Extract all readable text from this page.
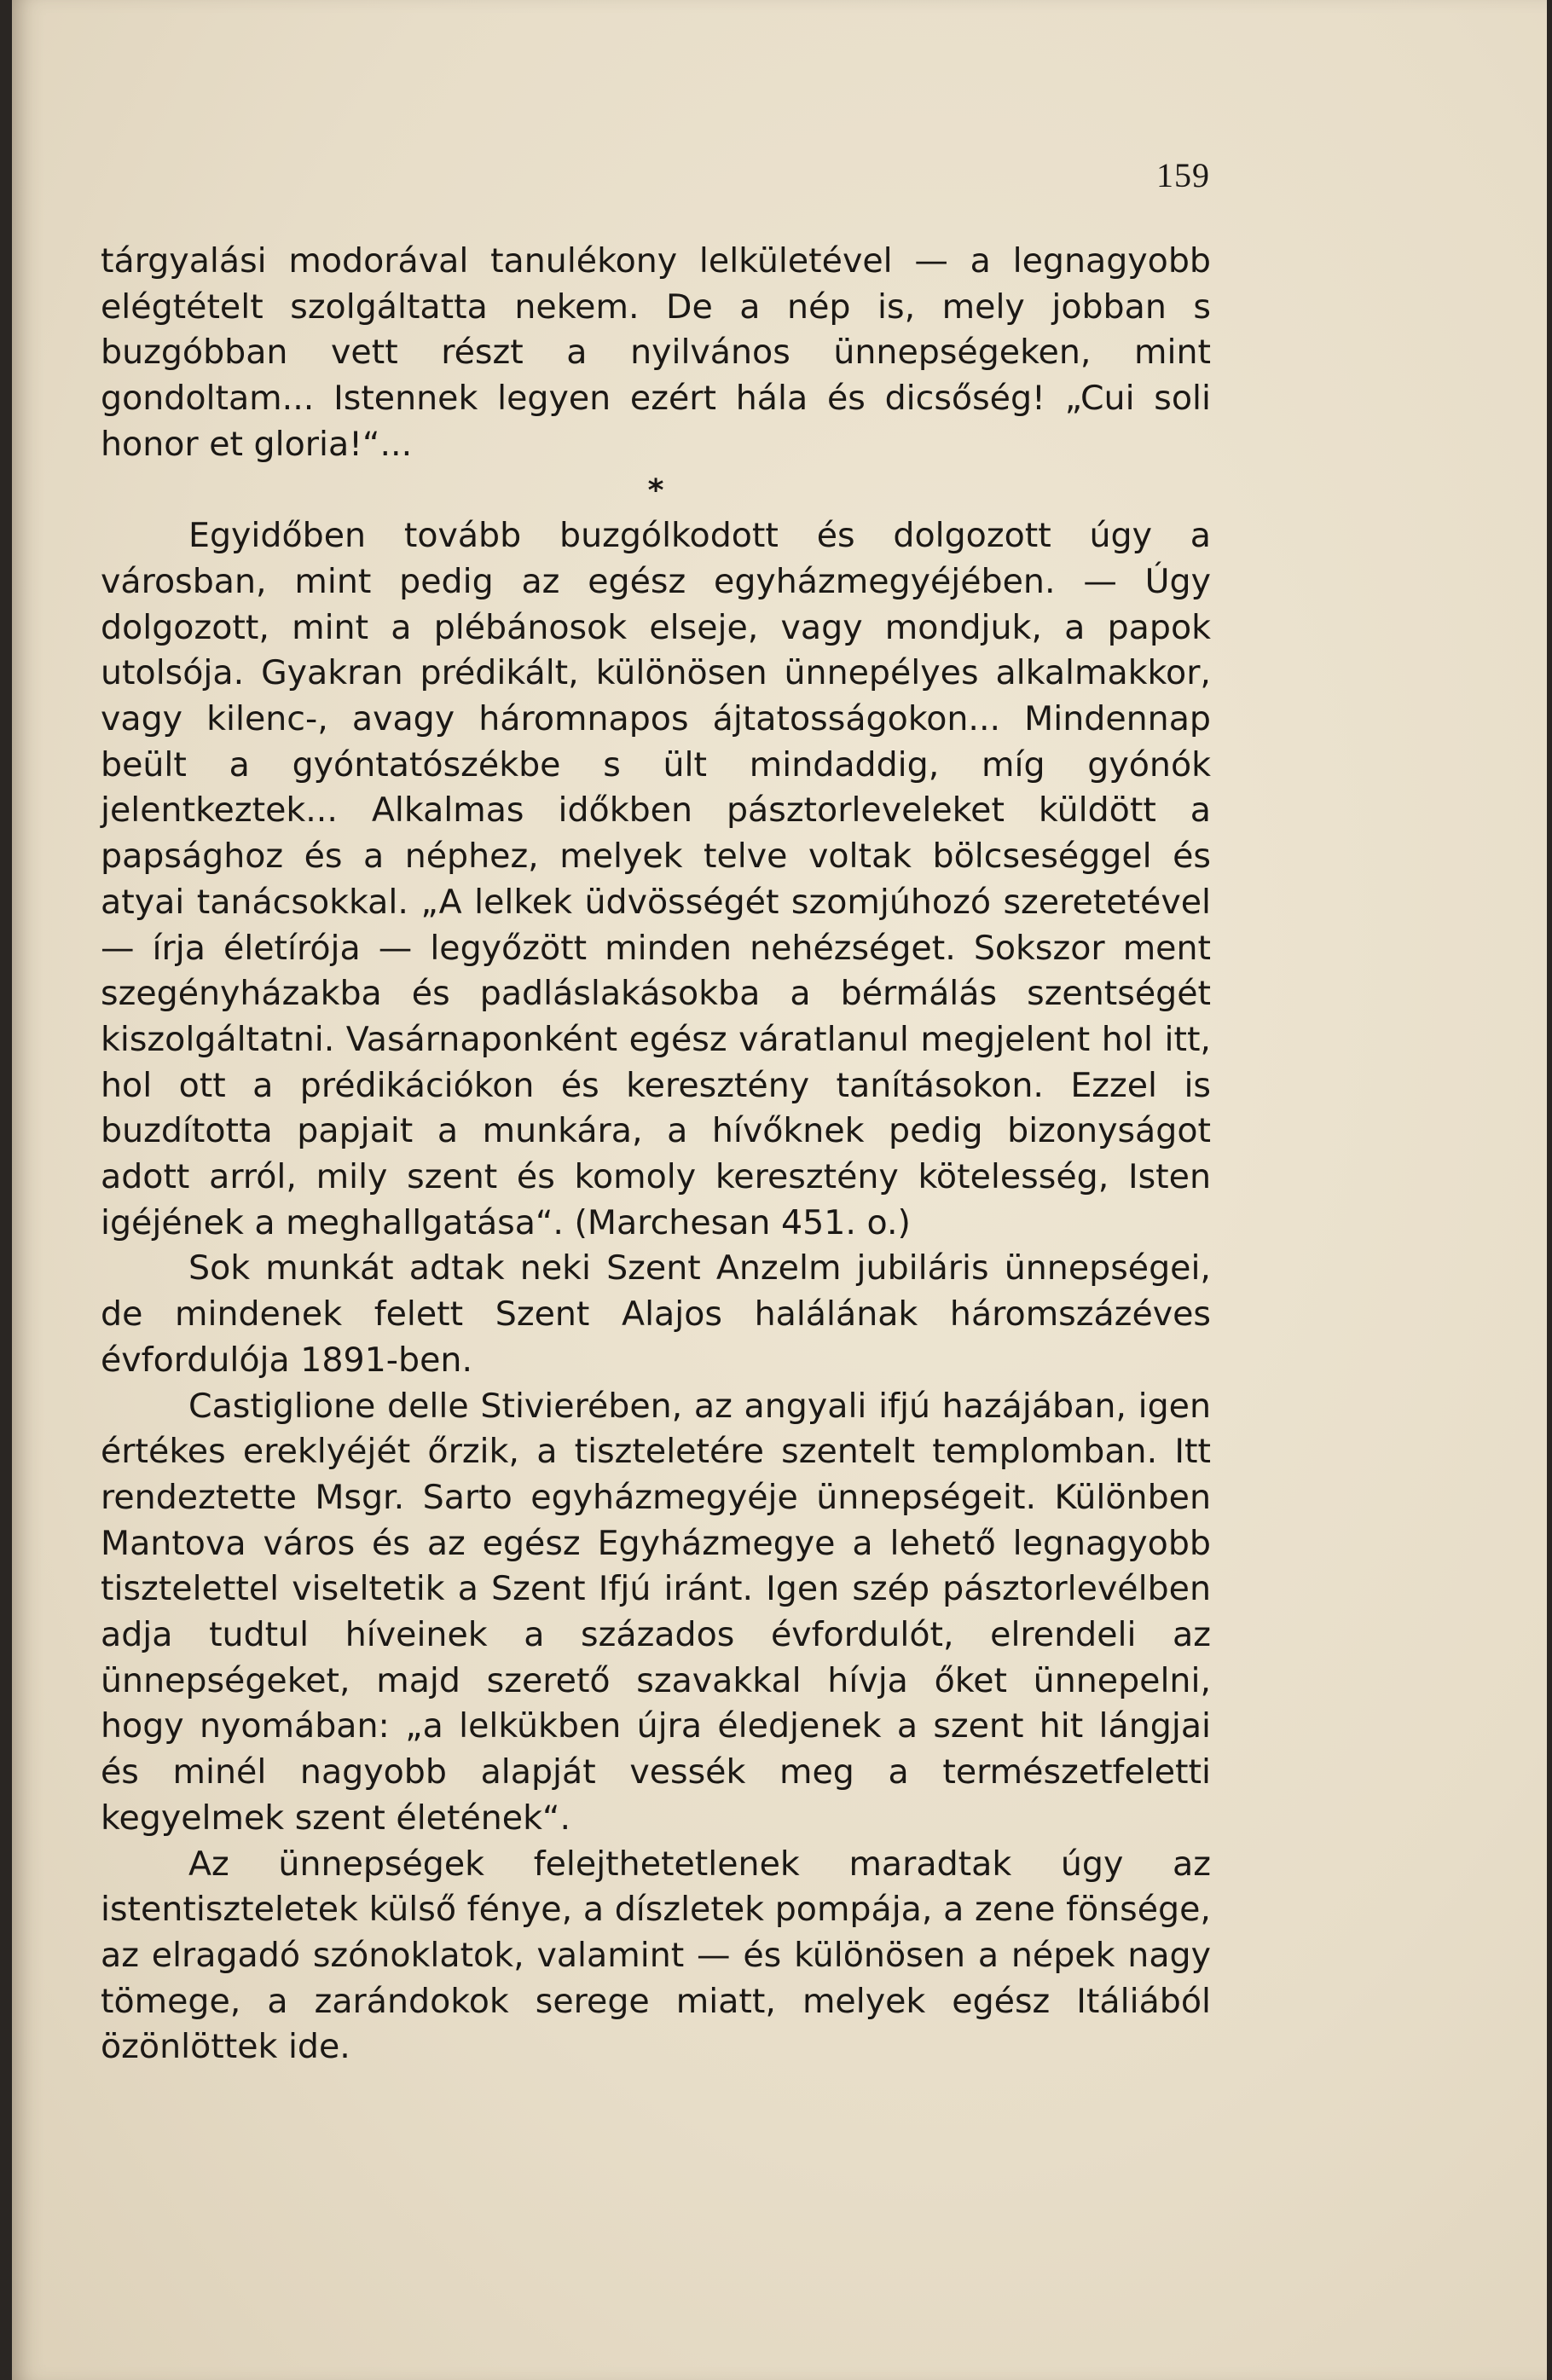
159

tárgyalási modorával tanulékony lelkületével — a legnagyobb elégtételt szolgáltatta nekem. De a nép is, mely jobban s buzgóbban vett részt a nyilvános ünnepségeken, mint gondoltam... Istennek legyen ezért hála és dicsőség! „Cui soli honor et gloria!“...

*

Egyidőben tovább buzgólkodott és dolgozott úgy a városban, mint pedig az egész egyházmegyéjében. — Úgy dolgozott, mint a plébánosok elseje, vagy mondjuk, a papok utolsója. Gyakran prédikált, különösen ünnepélyes alkalmakkor, vagy kilenc-, avagy háromnapos ájtatosságokon... Mindennap beült a gyóntatószékbe s ült mindaddig, míg gyónók jelentkeztek... Alkalmas időkben pásztorleveleket küldött a papsághoz és a néphez, melyek telve voltak bölcseséggel és atyai tanácsokkal. „A lelkek üdvösségét szomjúhozó szeretetével — írja életírója — legyőzött minden nehézséget. Sokszor ment szegényházakba és padláslakásokba a bérmálás szentségét kiszolgáltatni. Vasárnaponként egész váratlanul megjelent hol itt, hol ott a prédikációkon és keresztény tanításokon. Ezzel is buzdította papjait a munkára, a hívőknek pedig bizonyságot adott arról, mily szent és komoly keresztény kötelesség, Isten igéjének a meghallgatása“. (Marchesan 451. o.)

Sok munkát adtak neki Szent Anzelm jubiláris ünnepségei, de mindenek felett Szent Alajos halálának háromszázéves évfordulója 1891-ben.

Castiglione delle Stivierében, az angyali ifjú hazájában, igen értékes ereklyéjét őrzik, a tiszteletére szentelt templomban. Itt rendeztette Msgr. Sarto egyházmegyéje ünnepségeit. Különben Mantova város és az egész Egyházmegye a lehető legnagyobb tisztelettel viseltetik a Szent Ifjú iránt. Igen szép pásztorlevélben adja tudtul híveinek a százados évfordulót, elrendeli az ünnepségeket, majd szerető szavakkal hívja őket ünnepelni, hogy nyomában: „a lelkükben újra éledjenek a szent hit lángjai és minél nagyobb alapját vessék meg a természetfeletti kegyelmek szent életének“.

Az ünnepségek felejthetetlenek maradtak úgy az istentiszteletek külső fénye, a díszletek pompája, a zene fönsége, az elragadó szónoklatok, valamint — és különösen a népek nagy tömege, a zarándokok serege miatt, melyek egész Itáliából özönlöttek ide.
